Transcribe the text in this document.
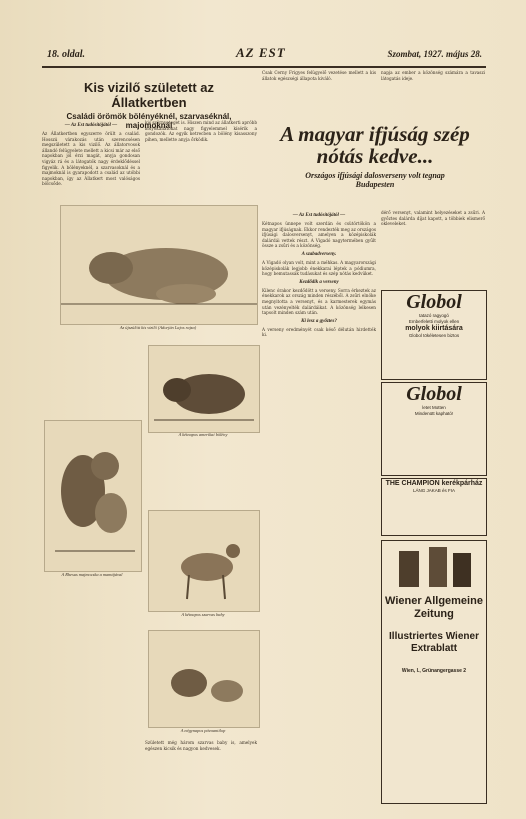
18. oldal.	AZ EST	Szombat, 1927. május 28.
Kis vizilő született az Állatkertben
Családi örömök bölényéknél, szarvaséknál, majomoknál
— Az Est tudósítójától —
Az Állatkertben egyszerre örült a család. Hosszú várakozás után szerencsésen megszületett a kis vizilő. Az állatorvosok állandó felügyelete mellett a kicsi már az első napokban jól érzi magát, anyja gondosan vigyáz rá és a látogatók nagy érdeklődéssel figyelik. A bölényeknél, a szarvasoknál és a majmoknál is gyarapodott a család az utóbbi napokban, így az Állatkert most valóságos bölcsőde.
Az újszülött kis vizilő (Adorján Lajos rajza)
A Rhesus majmocska a mamájával
kis szörnyeteget is. Hiszen mind az állatkerti apróbb kölyökállatokat nagy figyelemmel kísérik a gondozók. Az egyik ketrecben a bölény kisasszony pihen, mellette anyja őrködik.
A kétnapos amerikai bölény
A kétnapos szarvas baby
A négynapos pávaantilop
Született még három szarvas baby is, amelyek egészen kicsik és nagyon kedvesek.
Csak Cerny Frigyes felügyelő vezetése mellett a kis állatok egészségi állapota kiváló.
A magyar ifjúság szép nótás kedve...
Országos ifjúsági dalosverseny volt tegnap
Budapesten
— Az Est tudósítójától —
Kétnapos ünnepe volt szerdán és csütörtökön a magyar ifjúságnak. Ekkor rendezték meg az országos ifjúsági dalosversenyt, amelyen a középiskolák dalárdái vettek részt. A Vigadó nagytermében gyűlt össze a zsűri és a közönség.
A szabadverseny.
A Vigadó olyan volt, mint a méhkas. A magyarországi középiskolák legjobb énekkarai léptek a pódiumra, hogy bemutassák tudásukat és szép nótás kedvüket.
Kezdődik a verseny
Kilenc órakor kezdődött a verseny. Sorra érkeztek az énekkarok az ország minden részéből. A zsűri elnöke megnyitotta a versenyt, és a karmesterek egymás után vezényelték dalárdáikat. A közönség lelkesen tapsolt minden szám után.
Ki lesz a győztes?
A verseny eredményét csak késő délután hirdették ki.
napja az ember a közönség számára a tavaszi látogatás ideje.
dérő versenyt, valamint helyezéseket a zsűri. A győztes dalárda díjat kapott, a többiek elismerő okleveleket.
Globol
tatazó ragyogó
Emberfeletti molyok ellen
molyok kiirtására
Globol tökéletesen biztos
Globol
letet Motten
Mindenütt kapható!
THE CHAMPION kerékpárház
LÁNG JAKAB és FIA
Wiener Allgemeine Zeitung
Illustriertes Wiener Extrablatt
Wien, I., Grünangergasse 2
